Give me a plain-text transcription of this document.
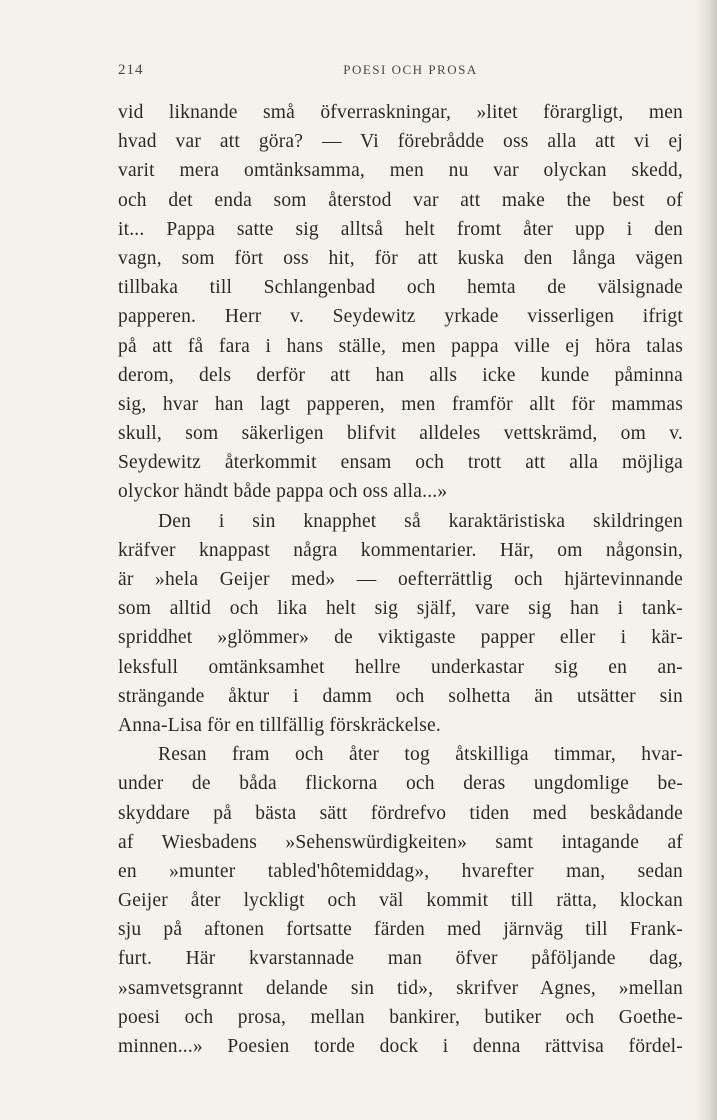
214	POESI OCH PROSA
vid liknande små öfverraskningar, »litet förargligt, men
hvad var att göra? — Vi förebrådde oss alla att vi ej
varit mera omtänksamma, men nu var olyckan skedd,
och det enda som återstod var att make the best of
it... Pappa satte sig alltså helt fromt åter upp i den
vagn, som fört oss hit, för att kuska den långa vägen
tillbaka till Schlangenbad och hemta de välsignade
papperen. Herr v. Seydewitz yrkade visserligen ifrigt
på att få fara i hans ställe, men pappa ville ej höra talas
derom, dels derför att han alls icke kunde påminna
sig, hvar han lagt papperen, men framför allt för mammas
skull, som säkerligen blifvit alldeles vettskrämd, om v.
Seydewitz återkommit ensam och trott att alla möjliga
olyckor händt både pappa och oss alla...»
Den i sin knapphet så karaktäristiska skildringen
kräfver knappast några kommentarier. Här, om någonsin,
är »hela Geijer med» — oefterrättlig och hjärtevinnande
som alltid och lika helt sig själf, vare sig han i tank-
spriddhet »glömmer» de viktigaste papper eller i kär-
leksfull omtänksamhet hellre underkastar sig en an-
strängande åktur i damm och solhetta än utsätter sin
Anna-Lisa för en tillfällig förskräckelse.
Resan fram och åter tog åtskilliga timmar, hvar-
under de båda flickorna och deras ungdomlige be-
skyddare på bästa sätt fördrefvo tiden med beskådande
af Wiesbadens »Sehenswürdigkeiten» samt intagande af
en »munter tabled'hôtemiddag», hvarefter man, sedan
Geijer åter lyckligt och väl kommit till rätta, klockan
sju på aftonen fortsatte färden med järnväg till Frank-
furt. Här kvarstannade man öfver påföljande dag,
»samvetsgrannt delande sin tid», skrifver Agnes, »mellan
poesi och prosa, mellan bankirer, butiker och Goethe-
minnen...» Poesien torde dock i denna rättvisa fördel-
